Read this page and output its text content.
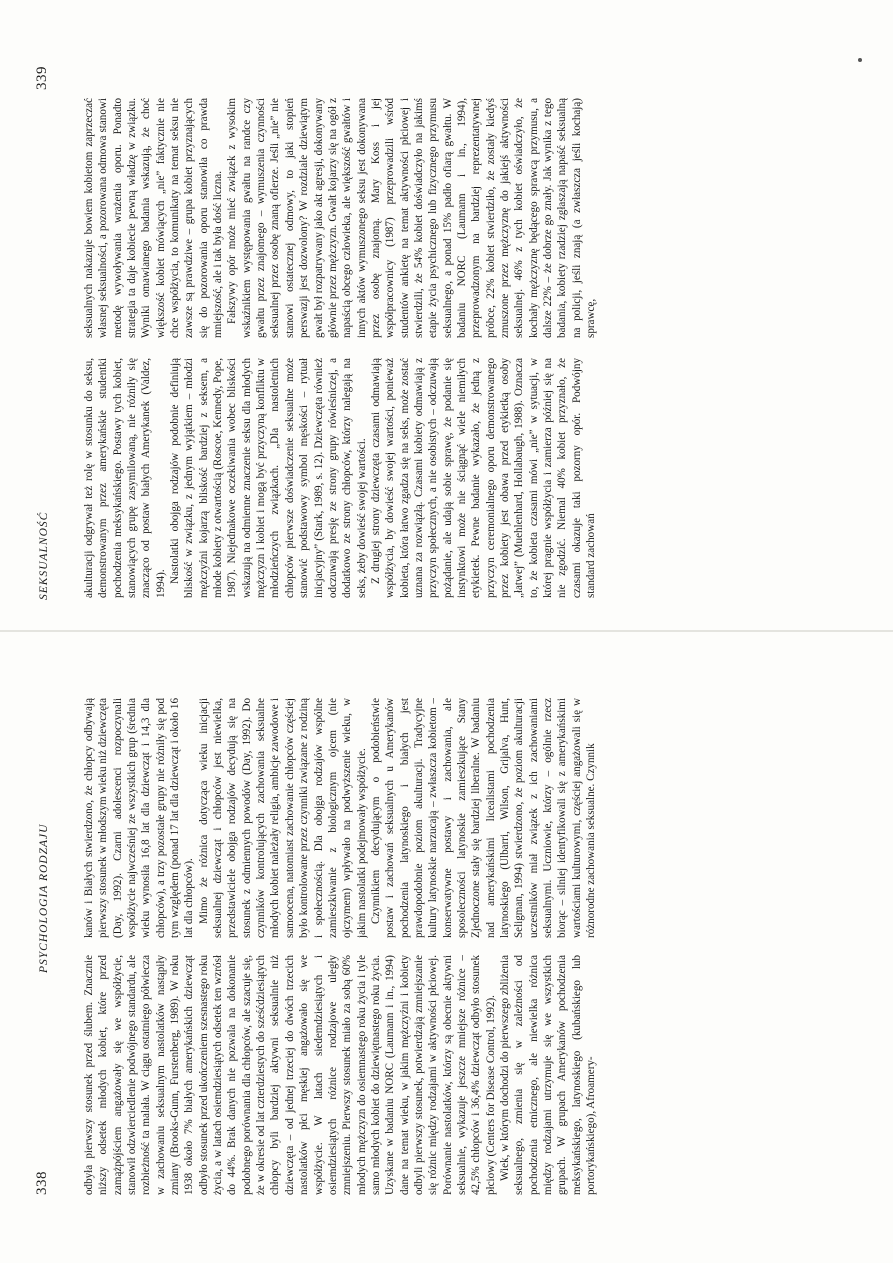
338
PSYCHOLOGIA RODZAJU

odbyła pierwszy stosunek przed ślubem. Znacznie niższy odsetek młodych kobiet, które przed zamążpójściem angażowały się we współżycie, stanowił odzwierciedlenie podwójnego standardu, ale rozbieżność ta malała. W ciągu ostatniego półwiecza w zachowaniu seksualnym nastolatków nastąpiły zmiany (Brooks-Gunn, Furstenberg, 1989). W roku 1938 około 7% białych amerykańskich dziewcząt odbyło stosunek przed ukończeniem szesnastego roku życia, a w latach osiemdziesiątych odsetek ten wzrósł do 44%. Brak danych nie pozwala na dokonanie podobnego porównania dla chłopców, ale szacuje się, że w okresie od lat czterdziestych do sześćdziesiątych chłopcy byli bardziej aktywni seksualnie niż dziewczęta – od jednej trzeciej do dwóch trzecich nastolatków płci męskiej angażowało się we współżycie. W latach siedemdziesiątych i osiemdziesiątych różnice rodzajowe uległy zmniejszeniu. Pierwszy stosunek miało za sobą 60% młodych mężczyzn do osiemnastego roku życia i tyle samo młodych kobiet do dziewiętnastego roku życia. Uzyskane w badaniu NORC (Laumann i in., 1994) dane na temat wieku, w jakim mężczyźni i kobiety odbyli pierwszy stosunek, potwierdzają zmniejszanie się różnic między rodzajami w aktywności płciowej. Porównanie nastolatków, którzy są obecnie aktywni seksualnie, wykazuje jeszcze mniejsze różnice – 42,5% chłopców i 36,4% dziewcząt odbyło stosunek płciowy (Centers for Disease Control, 1992). Wiek, w którym dochodzi do pierwszego zbliżenia seksualnego, zmienia się w zależności od pochodzenia etnicznego, ale niewielka różnica między rodzajami utrzymuje się we wszystkich grupach. W grupach Amerykanów pochodzenia meksykańskiego, latynoskiego (kubańskiego lub portorykańskiego), Afroamery-

kanów i Białych stwierdzono, że chłopcy odbywają pierwszy stosunek w młodszym wieku niż dziewczęta (Day, 1992). Czarni adolescenci rozpoczynali współżycie najwcześniej ze wszystkich grup (średnia wieku wynosiła 16,8 lat dla dziewcząt i 14,3 dla chłopców), a trzy pozostałe grupy nie różniły się pod tym względem (ponad 17 lat dla dziewcząt i około 16 lat dla chłopców). Mimo że różnica dotycząca wieku inicjacji seksualnej dziewcząt i chłopców jest niewielka, przedstawiciele obojga rodzajów decydują się na stosunek z odmiennych powodów (Day, 1992). Do czynników kontrolujących zachowania seksualne młodych kobiet należały religia, ambicje zawodowe i samoocena, natomiast zachowanie chłopców częściej było kontrolowane przez czynniki związane z rodziną i społecznością. Dla obojga rodzajów wspólne zamieszkiwanie z biologicznym ojcem (nie ojczymem) wpływało na podwyższenie wieku, w jakim nastolatki podejmowały współżycie. Czynnikiem decydującym o podobieństwie postaw i zachowań seksualnych u Amerykanów pochodzenia latynoskiego i białych jest prawdopodobnie poziom akulturacji. Tradycyjne kultury latynoskie narzucają – zwłaszcza kobietom – konserwatywne postawy i zachowania, ale sposoleczności latynoskie zamieszkujące Stany Zjednoczone stały się bardziej liberalne. W badaniu nad amerykańskimi licealistami pochodzenia latynoskiego (Ulbarri, Wilson, Grijalva, Hunt, Seligman, 1994) stwierdzono, że poziom akulturacji uczestników miał związek z ich zachowaniami seksualnymi. Uczniowie, którzy – ogólnie rzecz biorąc – silniej identyfikowali się z amerykańskimi wartościami kulturowymi, częściej angażowali się w różnorodne zachowania seksualne. Czynnik

SEKSUALNOŚĆ
339

akulturacji odgrywał też rolę w stosunku do seksu, demonstrowanym przez amerykańskie studentki pochodzenia meksykańskiego. Postawy tych kobiet, stanowiących grupę zasymilowaną, nie różniły się znacząco od postaw białych Amerykanek (Valdez, 1994). Nastolatki obojga rodzajów podobnie definiują bliskość w związku, z jednym wyjątkiem – młodzi mężczyźni kojarzą bliskość bardziej z seksem, a młode kobiety z otwartością (Roscoe, Kennedy, Pope, 1987). Niejednakowe oczekiwania wobec bliskości wskazują na odmienne znaczenie seksu dla młodych mężczyzn i kobiet i mogą być przyczyną konfliktu w młodzieńczych związkach. „Dla nastoletnich chłopców pierwsze doświadczenie seksualne może stanowić podstawowy symbol męskości – rytuał inicjacyjny” (Stark, 1989, s. 12). Dziewczęta również odczuwają presję ze strony grupy rówieśniczej, a dodatkowo ze strony chłopców, którzy nalegają na seks, żeby dowieść swojej wartości. Z drugiej strony dziewczęta czasami odmawiają współżycia, by dowieść swojej wartości, ponieważ kobieta, która łatwo zgadza się na seks, może zostać uznana za rozwiązłą. Czasami kobiety odmawiają z przyczyn społecznych, a nie osobistych – odczuwają pożądanie, ale udają sobie sprawę, że podanie się instynktowi może nie ściągnąć wiele niemiłych etykietek. Pewne badanie wykazało, że jedną z przyczyn ceremonialnego oporu demonstrowanego przez kobiety jest obawa przed etykietką osoby „łatwej” (Muehlenhard, Hollabaugh, 1988). Oznacza to, że kobieta czasami mówi „nie” w sytuacji, w której pragnie współżycia i zamierza później się na nie zgodzić. Niemal 40% kobiet przyznało, że czasami okazuje taki pozorny opór. Podwójny standard zachowań

seksualnych nakazuje bowiem kobietom zaprzeczać własnej seksualności, a pozorowana odmowa stanowi metodę wywoływania wrażenia oporu. Ponadto strategia ta daje kobiecie pewną władzę w związku. Wyniki omawianego badania wskazują, że choć większość kobiet mówiących „nie” faktycznie nie chce współżycia, to komunikaty na temat seksu nie zawsze są prawdziwe – grupa kobiet przyznających się do pozorowania oporu stanowiła co prawda mniejszość, ale i tak była dość liczna. Fałszywy opór może mieć związek z wysokim wskaźnikiem występowania gwałtu na randce czy gwałtu przez znajomego – wymuszenia czynności seksualnej przez osobę znaną ofierze. Jeśli „nie” nie stanowi ostatecznej odmowy, to jaki stopień perswazji jest dozwolony? W rozdziale dziewiątym gwałt był rozpatrywany jako akt agresji, dokonywany głównie przez mężczyzn. Gwałt kojarzy się na ogół z napaścią obcego człowieka, ale większość gwałtów i innych aktów wymuszonego seksu jest dokonywana przez osobę znajomą. Mary Koss i jej współpracownicy (1987) przeprowadzili wśród studentów ankietę na temat aktywności płciowej i stwierdzili, że 54% kobiet doświadczyło na jakimś etapie życia psychicznego lub fizycznego przymusu seksualnego, a ponad 15% padło ofiarą gwałtu. W badaniu NORC (Laumann i in., 1994), przeprowadzonym na bardziej reprezentatywnej próbce, 22% kobiet stwierdziło, że zostały kiedyś zmuszone przez mężczyznę do jakiejś aktywności seksualnej. 46% z tych kobiet oświadczyło, że kochały mężczyznę będącego sprawcą przymusu, a dalsze 22% – że dobrze go znały. Jak wynika z tego badania, kobiety rzadziej zgłaszają napaść seksualną na policji, jeśli znają (a zwłaszcza jeśli kochają) sprawcę,
